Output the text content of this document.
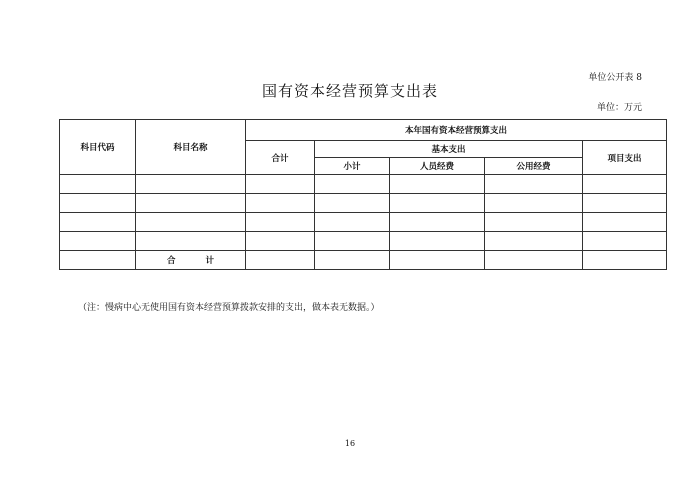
单位公开表 8
国有资本经营预算支出表
单位：万元
科目代码	科目名称	本年国有资本经营预算支出				
		合计	基本支出			项目支出
			小计	人员经费	公用经费	

	合 计					
（注：慢病中心无使用国有资本经营预算拨款安排的支出，做本表无数据。）
16
